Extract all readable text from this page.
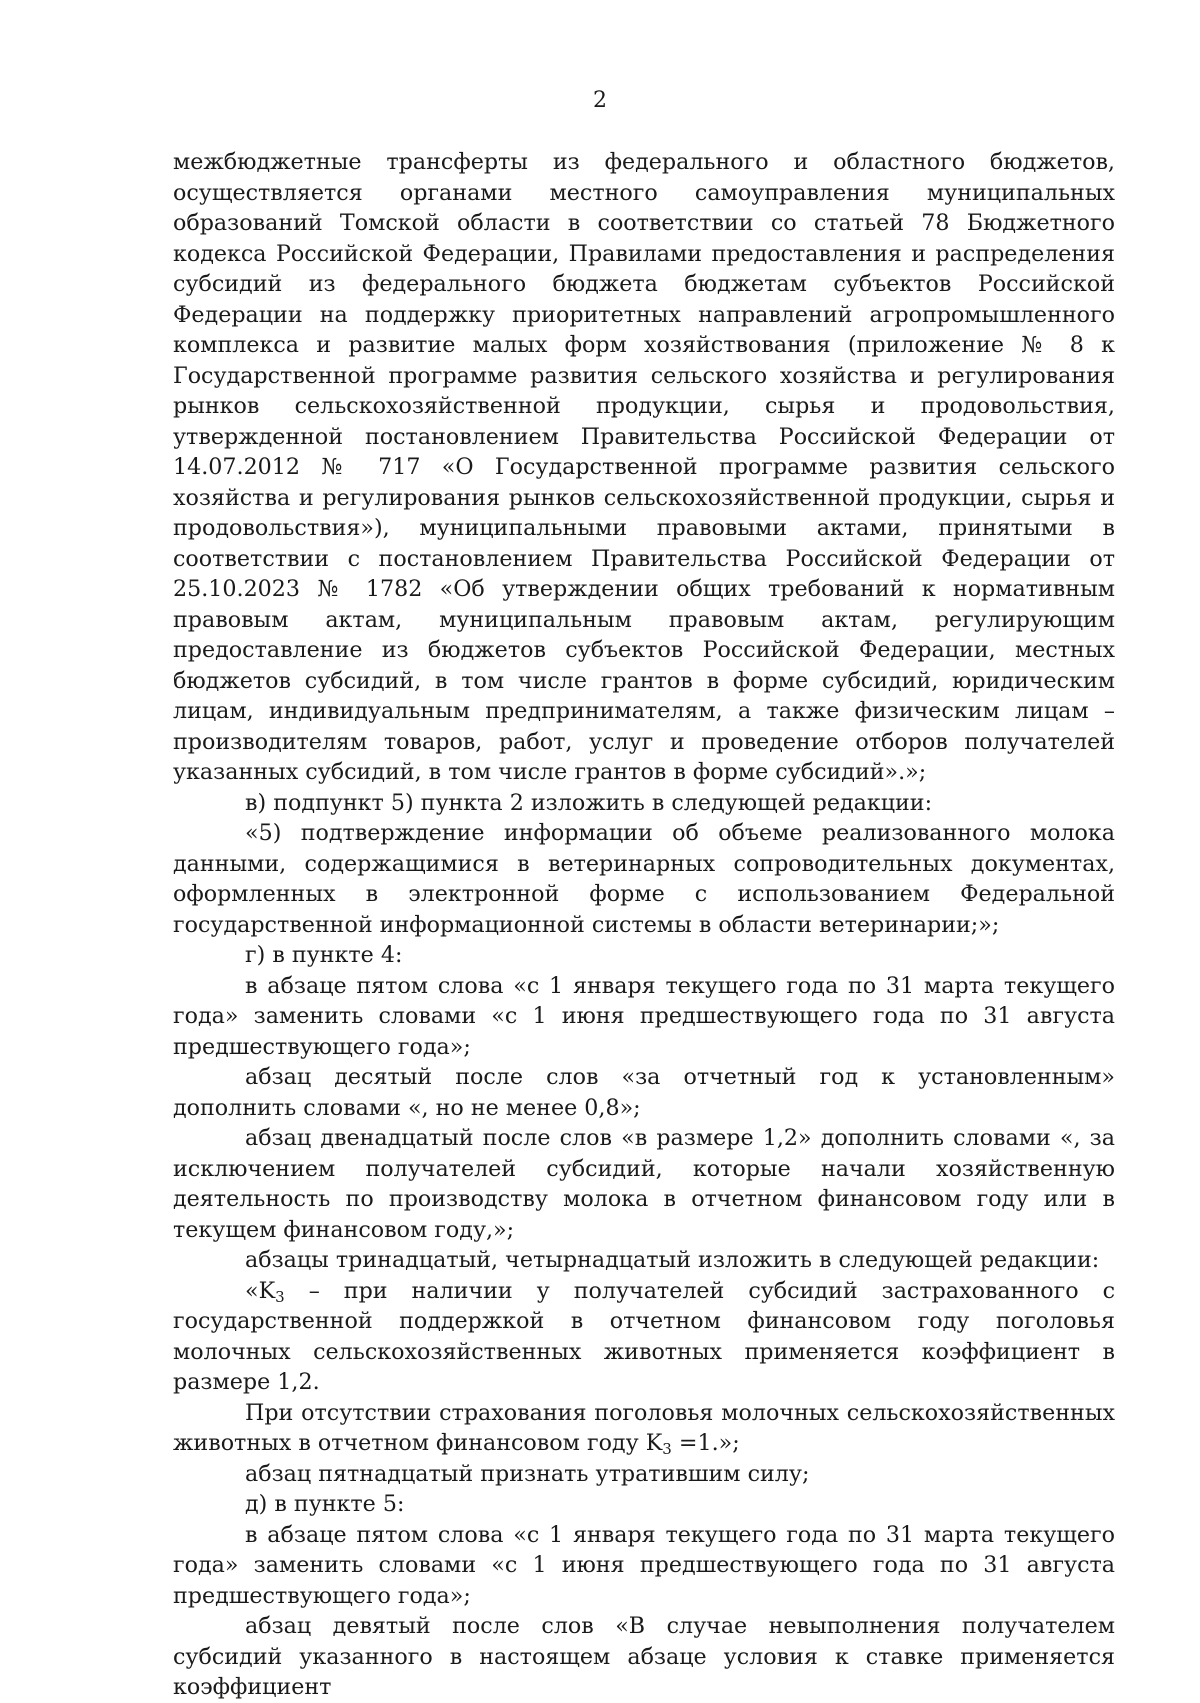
2

межбюджетные трансферты из федерального и областного бюджетов, осуществляется органами местного самоуправления муниципальных образований Томской области в соответствии со статьей 78 Бюджетного кодекса Российской Федерации, Правилами предоставления и распределения субсидий из федерального бюджета бюджетам субъектов Российской Федерации на поддержку приоритетных направлений агропромышленного комплекса и развитие малых форм хозяйствования (приложение № 8 к Государственной программе развития сельского хозяйства и регулирования рынков сельскохозяйственной продукции, сырья и продовольствия, утвержденной постановлением Правительства Российской Федерации от 14.07.2012 № 717 «О Государственной программе развития сельского хозяйства и регулирования рынков сельскохозяйственной продукции, сырья и продовольствия»), муниципальными правовыми актами, принятыми в соответствии с постановлением Правительства Российской Федерации от 25.10.2023 № 1782 «Об утверждении общих требований к нормативным правовым актам, муниципальным правовым актам, регулирующим предоставление из бюджетов субъектов Российской Федерации, местных бюджетов субсидий, в том числе грантов в форме субсидий, юридическим лицам, индивидуальным предпринимателям, а также физическим лицам – производителям товаров, работ, услуг и проведение отборов получателей указанных субсидий, в том числе грантов в форме субсидий».»;

в) подпункт 5) пункта 2 изложить в следующей редакции:

«5) подтверждение информации об объеме реализованного молока данными, содержащимися в ветеринарных сопроводительных документах, оформленных в электронной форме с использованием Федеральной государственной информационной системы в области ветеринарии;»;

г) в пункте 4:

в абзаце пятом слова «с 1 января текущего года по 31 марта текущего года» заменить словами «с 1 июня предшествующего года по 31 августа предшествующего года»;

абзац десятый после слов «за отчетный год к установленным» дополнить словами «, но не менее 0,8»;

абзац двенадцатый после слов «в размере 1,2» дополнить словами «, за исключением получателей субсидий, которые начали хозяйственную деятельность по производству молока в отчетном финансовом году или в текущем финансовом году,»;

абзацы тринадцатый, четырнадцатый изложить в следующей редакции:

«$K_3$ – при наличии у получателей субсидий застрахованного с государственной поддержкой в отчетном финансовом году поголовья молочных сельскохозяйственных животных применяется коэффициент в размере 1,2.

При отсутствии страхования поголовья молочных сельскохозяйственных животных в отчетном финансовом году $K_3 =1$.»;

абзац пятнадцатый признать утратившим силу;

д) в пункте 5:

в абзаце пятом слова «с 1 января текущего года по 31 марта текущего года» заменить словами «с 1 июня предшествующего года по 31 августа предшествующего года»;

абзац девятый после слов «В случае невыполнения получателем субсидий указанного в настоящем абзаце условия к ставке применяется коэффициент
